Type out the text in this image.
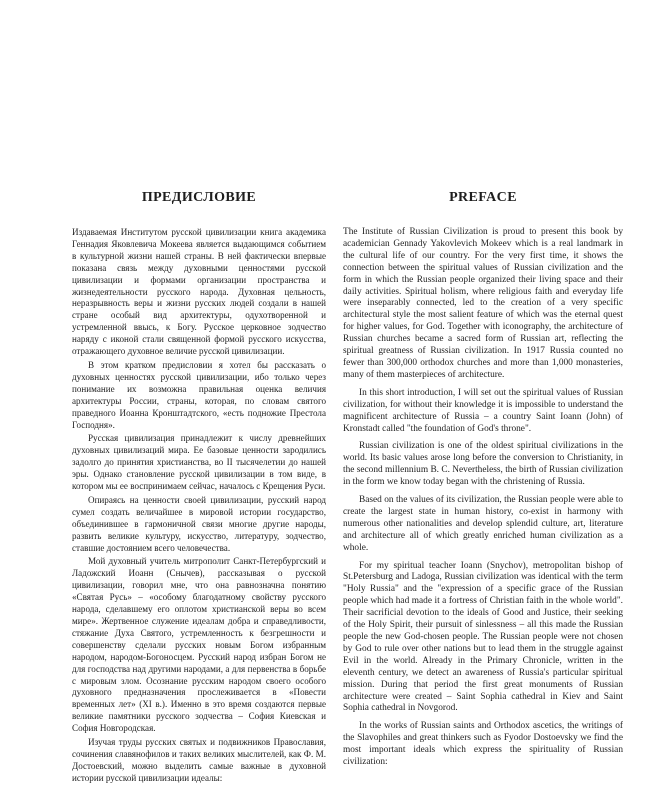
ПРЕДИСЛОВИЕ

Издаваемая Институтом русской цивилизации книга академика Геннадия Яковлевича Мокеева является выдающимся событием в культурной жизни нашей страны. В ней фактически впервые показана связь между духовными ценностями русской цивилизации и формами организации пространства и жизнедеятельности русского народа. Духовная цельность, неразрывность веры и жизни русских людей создали в нашей стране особый вид архитектуры, одухотворенной и устремленной ввысь, к Богу. Русское церковное зодчество наряду с иконой стали священной формой русского искусства, отражающего духовное величие русской цивилизации.

В этом кратком предисловии я хотел бы рассказать о духовных ценностях русской цивилизации, ибо только через понимание их возможна правильная оценка величия архитектуры России, страны, которая, по словам святого праведного Иоанна Кронштадтского, «есть подножие Престола Господня».

Русская цивилизация принадлежит к числу древнейших духовных цивилизаций мира. Ее базовые ценности зародились задолго до принятия христианства, во II тысячелетии до нашей эры. Однако становление русской цивилизации в том виде, в котором мы ее воспринимаем сейчас, началось с Крещения Руси.

Опираясь на ценности своей цивилизации, русский народ сумел создать величайшее в мировой истории государство, объединившее в гармоничной связи многие другие народы, развить великие культуру, искусство, литературу, зодчество, ставшие достоянием всего человечества.

Мой духовный учитель митрополит Санкт-Петербургский и Ладожский Иоанн (Снычев), рассказывая о русской цивилизации, говорил мне, что она равнозначна понятию «Святая Русь» – «особому благодатному свойству русского народа, сделавшему его оплотом христианской веры во всем мире». Жертвенное служение идеалам добра и справедливости, стяжание Духа Святого, устремленность к безгрешности и совершенству сделали русских новым Богом избранным народом, народом-Богоносцем. Русский народ избран Богом не для господства над другими народами, а для первенства в борьбе с мировым злом. Осознание русским народом своего особого духовного предназначения прослеживается в «Повести временных лет» (XI в.). Именно в это время создаются первые великие памятники русского зодчества – София Киевская и София Новгородская.

Изучая труды русских святых и подвижников Православия, сочинения славянофилов и таких великих мыслителей, как Ф. М. Достоевский, можно выделить самые важные в духовной истории русской цивилизации идеалы:

PREFACE

The Institute of Russian Civilization is proud to present this book by academician Gennady Yakovlevich Mokeev which is a real landmark in the cultural life of our country. For the very first time, it shows the connection between the spiritual values of Russian civilization and the form in which the Russian people organized their living space and their daily activities. Spiritual holism, where religious faith and everyday life were inseparably connected, led to the creation of a very specific architectural style the most salient feature of which was the eternal quest for higher values, for God. Together with iconography, the architecture of Russian churches became a sacred form of Russian art, reflecting the spiritual greatness of Russian civilization. In 1917 Russia counted no fewer than 300,000 orthodox churches and more than 1,000 monasteries, many of them masterpieces of architecture.

In this short introduction, I will set out the spiritual values of Russian civilization, for without their knowledge it is impossible to understand the magnificent architecture of Russia – a country Saint Ioann (John) of Kronstadt called "the foundation of God's throne".

Russian civilization is one of the oldest spiritual civilizations in the world. Its basic values arose long before the conversion to Christianity, in the second millennium B. C. Nevertheless, the birth of Russian civilization in the form we know today began with the christening of Russia.

Based on the values of its civilization, the Russian people were able to create the largest state in human history, co-exist in harmony with numerous other nationalities and develop splendid culture, art, literature and architecture all of which greatly enriched human civilization as a whole.

For my spiritual teacher Ioann (Snychov), metropolitan bishop of St.Petersburg and Ladoga, Russian civilization was identical with the term "Holy Russia" and the "expression of a specific grace of the Russian people which had made it a fortress of Christian faith in the whole world". Their sacrificial devotion to the ideals of Good and Justice, their seeking of the Holy Spirit, their pursuit of sinlessness – all this made the Russian people the new God-chosen people. The Russian people were not chosen by God to rule over other nations but to lead them in the struggle against Evil in the world. Already in the Primary Chronicle, written in the eleventh century, we detect an awareness of Russia's particular spiritual mission. During that period the first great monuments of Russian architecture were created – Saint Sophia cathedral in Kiev and Saint Sophia cathedral in Novgorod.

In the works of Russian saints and Orthodox ascetics, the writings of the Slavophiles and great thinkers such as Fyodor Dostoevsky we find the most important ideals which express the spirituality of Russian civilization:
